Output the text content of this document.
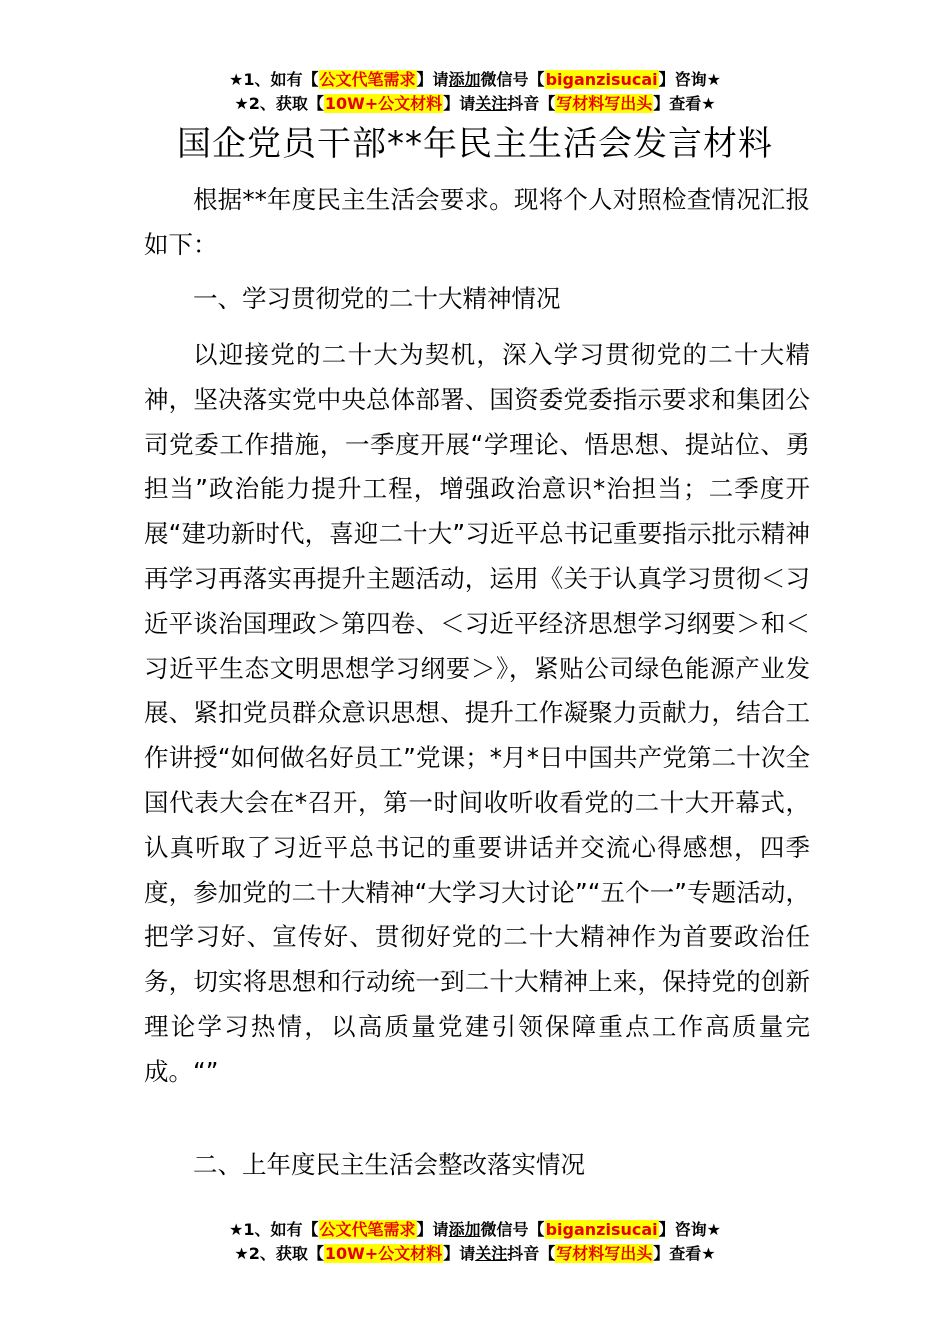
★1、如有【公文代笔需求】请添加微信号【biganzisucai】咨询★
★2、获取【10W+公文材料】请关注抖音【写材料写出头】查看★
国企党员干部**年民主生活会发言材料
根据**年度民主生活会要求。现将个人对照检查情况汇报如下：
一、学习贯彻党的二十大精神情况
以迎接党的二十大为契机，深入学习贯彻党的二十大精神，坚决落实党中央总体部署、国资委党委指示要求和集团公司党委工作措施，一季度开展“学理论、悟思想、提站位、勇担当”政治能力提升工程，增强政治意识*治担当；二季度开展“建功新时代，喜迎二十大”习近平总书记重要指示批示精神再学习再落实再提升主题活动，运用《关于认真学习贯彻＜习近平谈治国理政＞第四卷、＜习近平经济思想学习纲要＞和＜习近平生态文明思想学习纲要＞》，紧贴公司绿色能源产业发展、紧扣党员群众意识思想、提升工作凝聚力贡献力，结合工作讲授“如何做名好员工”党课；*月*日中国共产党第二十次全国代表大会在*召开，第一时间收听收看党的二十大开幕式，认真听取了习近平总书记的重要讲话并交流心得感想，四季度，参加党的二十大精神“大学习大讨论”“五个一”专题活动，把学习好、宣传好、贯彻好党的二十大精神作为首要政治任务，切实将思想和行动统一到二十大精神上来，保持党的创新理论学习热情，以高质量党建引领保障重点工作高质量完成。“”
二、上年度民主生活会整改落实情况
★1、如有【公文代笔需求】请添加微信号【biganzisucai】咨询★
★2、获取【10W+公文材料】请关注抖音【写材料写出头】查看★
